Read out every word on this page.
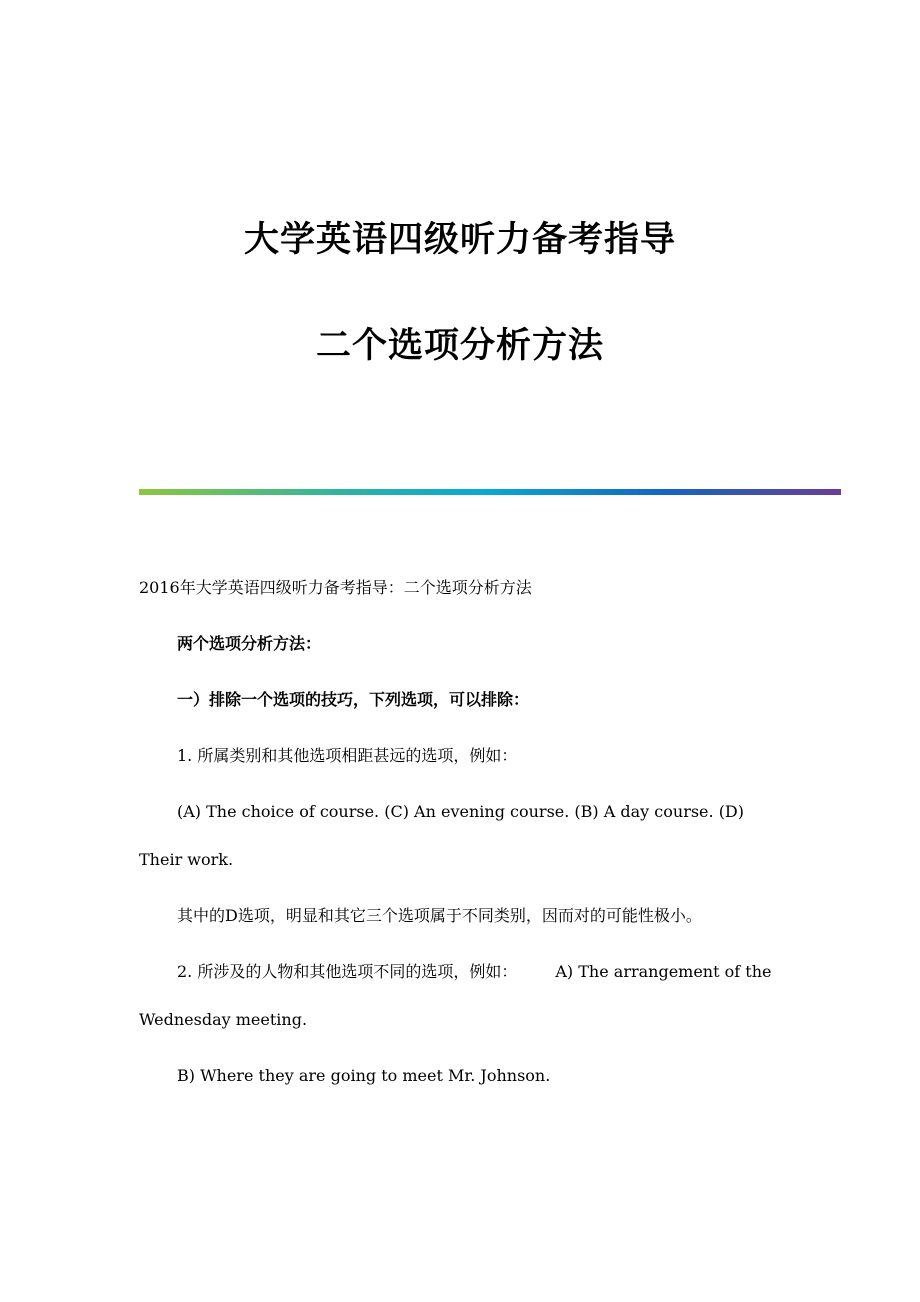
大学英语四级听力备考指导
二个选项分析方法

2016年大学英语四级听力备考指导：二个选项分析方法

两个选项分析方法：

一）排除一个选项的技巧，下列选项，可以排除：

1. 所属类别和其他选项相距甚远的选项，例如：

(A) The choice of course. (C) An evening course. (B) A day course. (D) Their work.

其中的D选项，明显和其它三个选项属于不同类别，因而对的可能性极小。

2. 所涉及的人物和其他选项不同的选项，例如： A) The arrangement of the Wednesday meeting.

B) Where they are going to meet Mr. Johnson.
